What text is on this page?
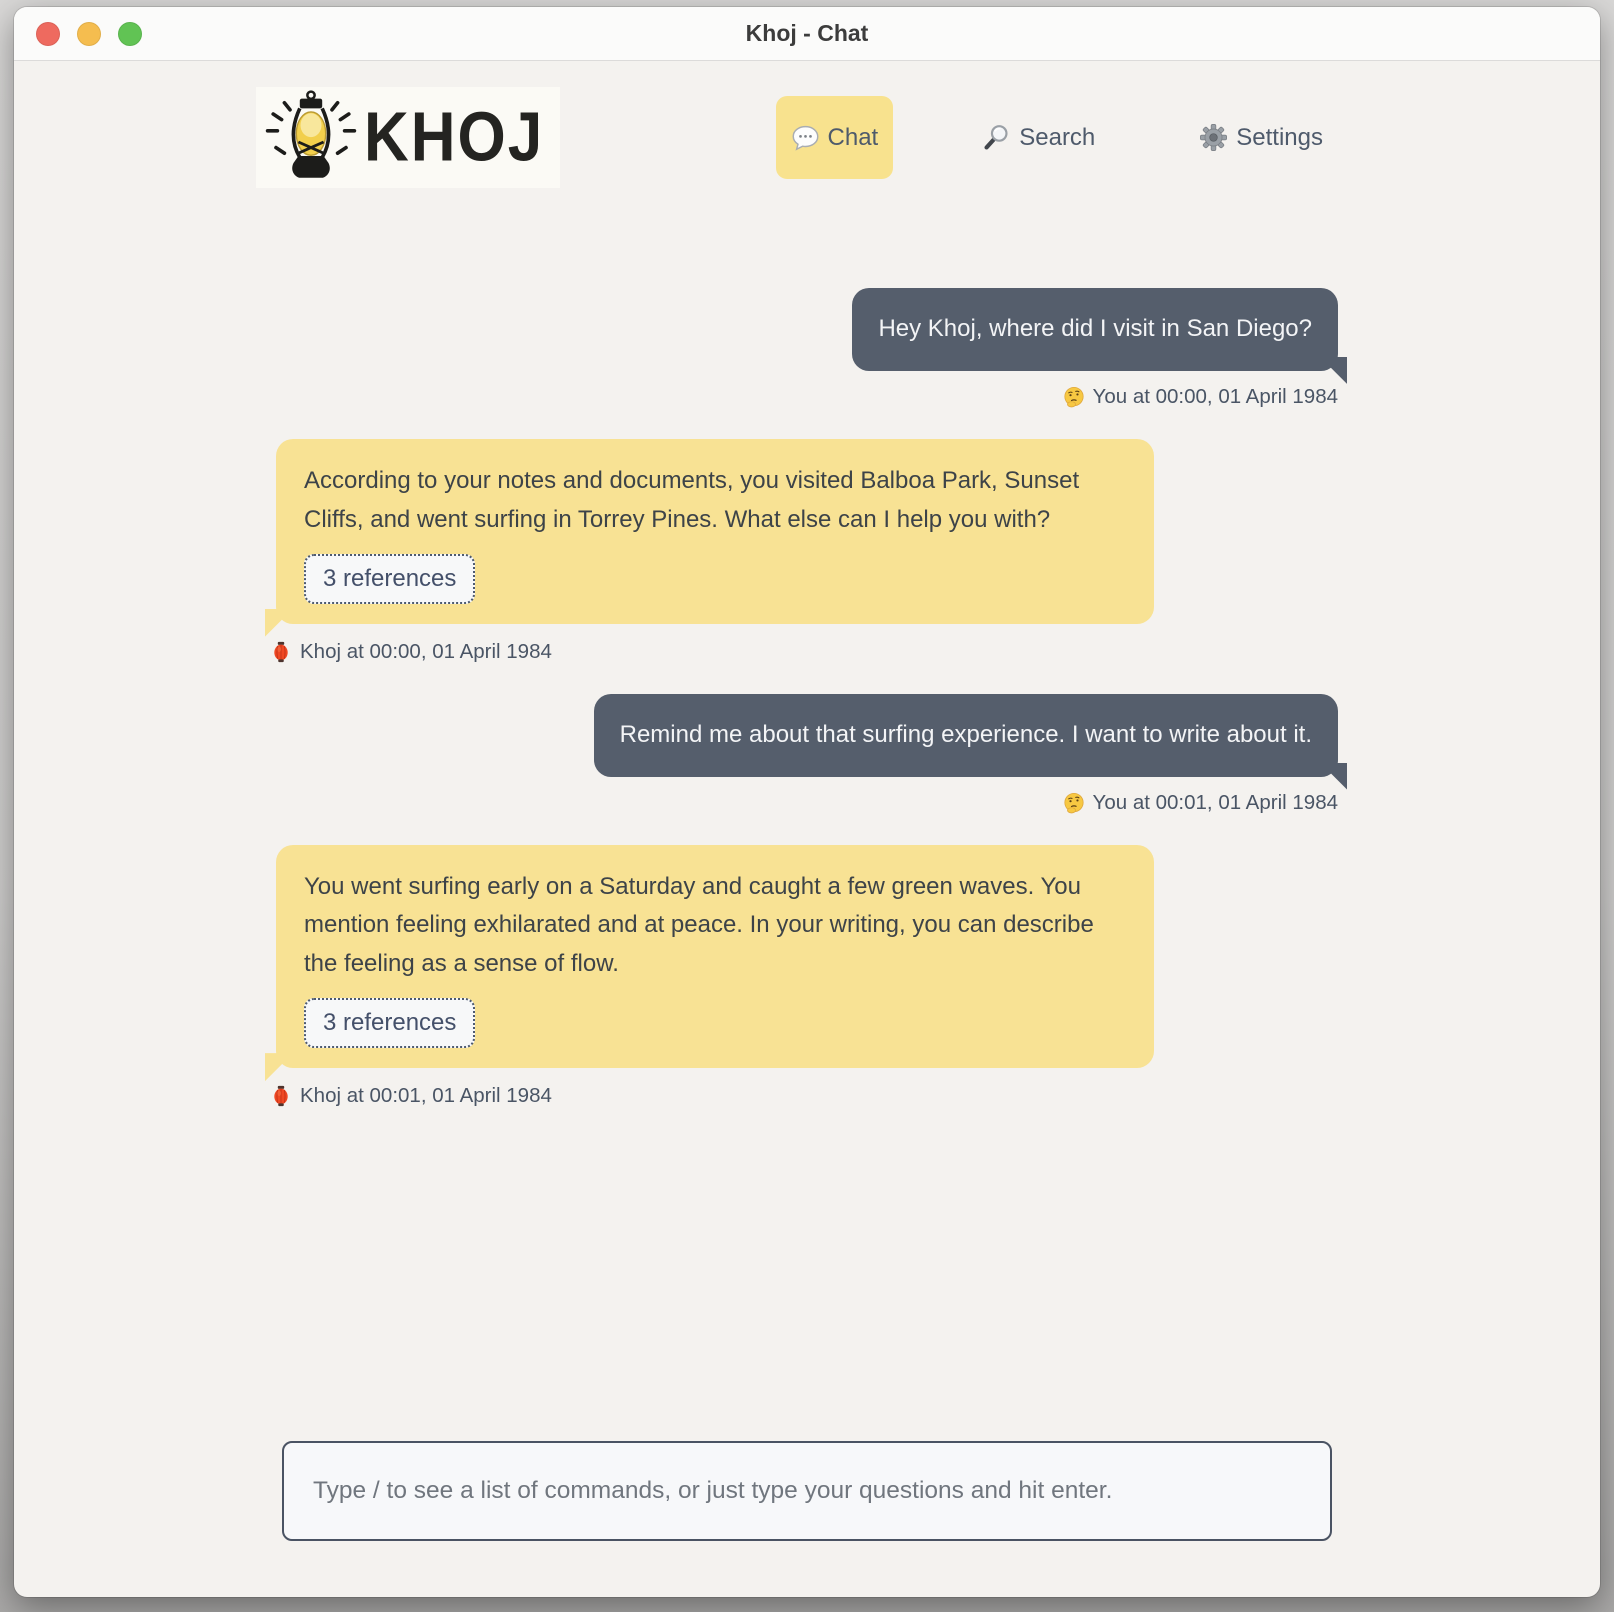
Khoj - Chat
KHOJ	Chat	Search	Settings
Hey Khoj, where did I visit in San Diego?
You at 00:00, 01 April 1984
According to your notes and documents, you visited Balboa Park, Sunset Cliffs, and went surfing in Torrey Pines. What else can I help you with?
3 references
Khoj at 00:00, 01 April 1984
Remind me about that surfing experience. I want to write about it.
You at 00:01, 01 April 1984
You went surfing early on a Saturday and caught a few green waves. You mention feeling exhilarated and at peace. In your writing, you can describe the feeling as a sense of flow.
3 references
Khoj at 00:01, 01 April 1984
Type / to see a list of commands, or just type your questions and hit enter.
